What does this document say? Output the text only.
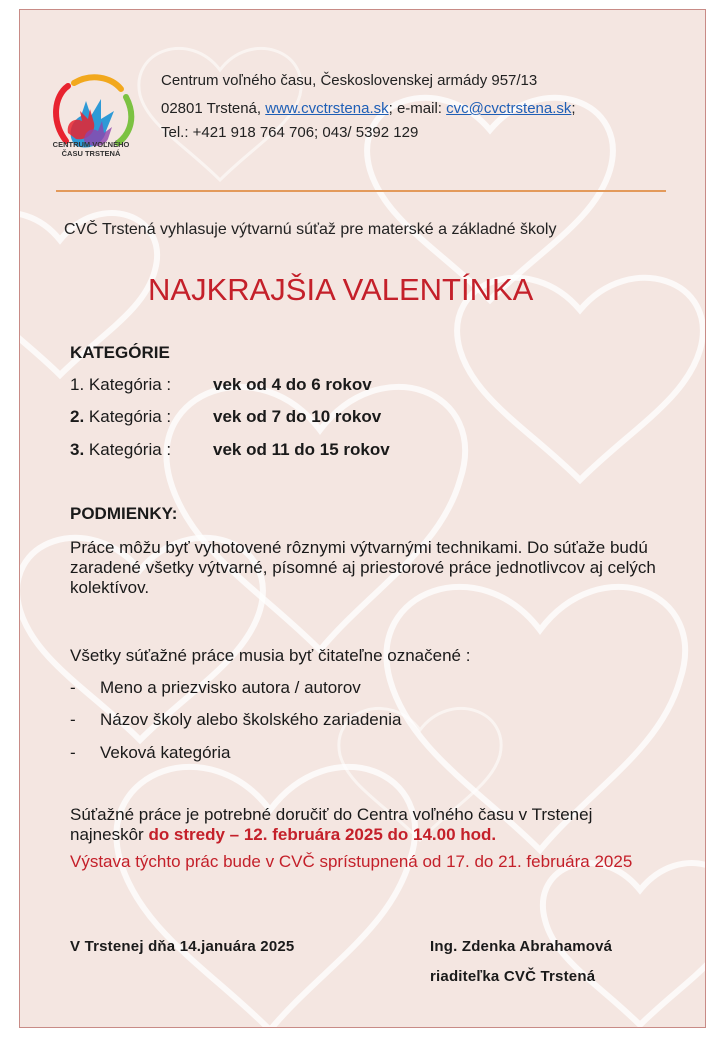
CENTRUM VOĽNÉHO
ČASU TRSTENÁ
Centrum voľného času, Československej armády 957/13
02801 Trstená, www.cvctrstena.sk; e-mail: cvc@cvctrstena.sk;
Tel.: +421 918 764 706; 043/ 5392 129
CVČ Trstená vyhlasuje výtvarnú súťaž pre materské a základné školy
NAJKRAJŠIA VALENTÍNKA
KATEGÓRIE
1. Kategória : vek od 4 do 6 rokov
2. Kategória : vek od 7 do 10 rokov
3. Kategória : vek od 11 do 15 rokov
PODMIENKY:
Práce môžu byť vyhotovené rôznymi výtvarnými technikami. Do súťaže budú zaradené všetky výtvarné, písomné aj priestorové práce jednotlivcov aj celých kolektívov.
Všetky súťažné práce musia byť čitateľne označené :
- Meno a priezvisko autora / autorov
- Názov školy alebo školského zariadenia
- Veková kategória
Súťažné práce je potrebné doručiť do Centra voľného času v Trstenej najneskôr do stredy – 12. februára 2025 do 14.00 hod.
Výstava týchto prác bude v CVČ sprístupnená od 17. do 21. februára 2025
V Trstenej dňa 14.januára 2025	Ing. Zdenka Abrahamová
riaditeľka CVČ Trstená
